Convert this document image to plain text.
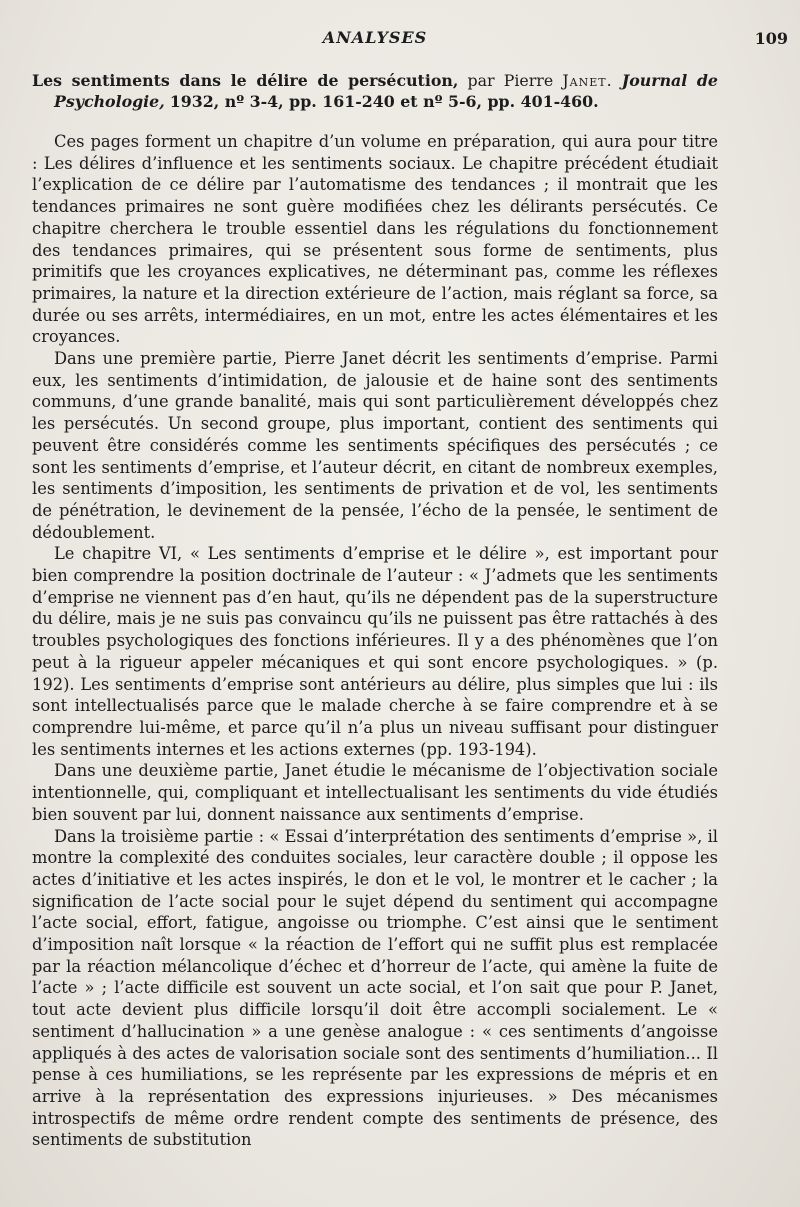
ANALYSES	109

Les sentiments dans le délire de persécution, par Pierre Janet. Journal de Psychologie, 1932, nº 3-4, pp. 161-240 et nº 5-6, pp. 401-460.

Ces pages forment un chapitre d’un volume en préparation, qui aura pour titre : Les délires d’influence et les sentiments sociaux. Le chapitre précédent étudiait l’explication de ce délire par l’automatisme des tendances ; il montrait que les tendances primaires ne sont guère modifiées chez les délirants persécutés. Ce chapitre cherchera le trouble essentiel dans les régulations du fonctionnement des tendances primaires, qui se présentent sous forme de sentiments, plus primitifs que les croyances explicatives, ne déterminant pas, comme les réflexes primaires, la nature et la direction extérieure de l’action, mais réglant sa force, sa durée ou ses arrêts, intermédiaires, en un mot, entre les actes élémentaires et les croyances.

Dans une première partie, Pierre Janet décrit les sentiments d’emprise. Parmi eux, les sentiments d’intimidation, de jalousie et de haine sont des sentiments communs, d’une grande banalité, mais qui sont particulièrement développés chez les persécutés. Un second groupe, plus important, contient des sentiments qui peuvent être considérés comme les sentiments spécifiques des persécutés ; ce sont les sentiments d’emprise, et l’auteur décrit, en citant de nombreux exemples, les sentiments d’imposition, les sentiments de privation et de vol, les sentiments de pénétration, le devinement de la pensée, l’écho de la pensée, le sentiment de dédoublement.

Le chapitre VI, « Les sentiments d’emprise et le délire », est important pour bien comprendre la position doctrinale de l’auteur : « J’admets que les sentiments d’emprise ne viennent pas d’en haut, qu’ils ne dépendent pas de la superstructure du délire, mais je ne suis pas convaincu qu’ils ne puissent pas être rattachés à des troubles psychologiques des fonctions inférieures. Il y a des phénomènes que l’on peut à la rigueur appeler mécaniques et qui sont encore psychologiques. » (p. 192). Les sentiments d’emprise sont antérieurs au délire, plus simples que lui : ils sont intellectualisés parce que le malade cherche à se faire comprendre et à se comprendre lui-même, et parce qu’il n’a plus un niveau suffisant pour distinguer les sentiments internes et les actions externes (pp. 193-194).

Dans une deuxième partie, Janet étudie le mécanisme de l’objectivation sociale intentionnelle, qui, compliquant et intellectualisant les sentiments du vide étudiés bien souvent par lui, donnent naissance aux sentiments d’emprise.

Dans la troisième partie : « Essai d’interprétation des sentiments d’emprise », il montre la complexité des conduites sociales, leur caractère double ; il oppose les actes d’initiative et les actes inspirés, le don et le vol, le montrer et le cacher ; la signification de l’acte social pour le sujet dépend du sentiment qui accompagne l’acte social, effort, fatigue, angoisse ou triomphe. C’est ainsi que le sentiment d’imposition naît lorsque « la réaction de l’effort qui ne suffit plus est remplacée par la réaction mélancolique d’échec et d’horreur de l’acte, qui amène la fuite de l’acte » ; l’acte difficile est souvent un acte social, et l’on sait que pour P. Janet, tout acte devient plus difficile lorsqu’il doit être accompli socialement. Le « sentiment d’hallucination » a une genèse analogue : « ces sentiments d’angoisse appliqués à des actes de valorisation sociale sont des sentiments d’humiliation... Il pense à ces humiliations, se les représente par les expressions de mépris et en arrive à la représentation des expressions injurieuses. » Des mécanismes introspectifs de même ordre rendent compte des sentiments de présence, des sentiments de substitution
